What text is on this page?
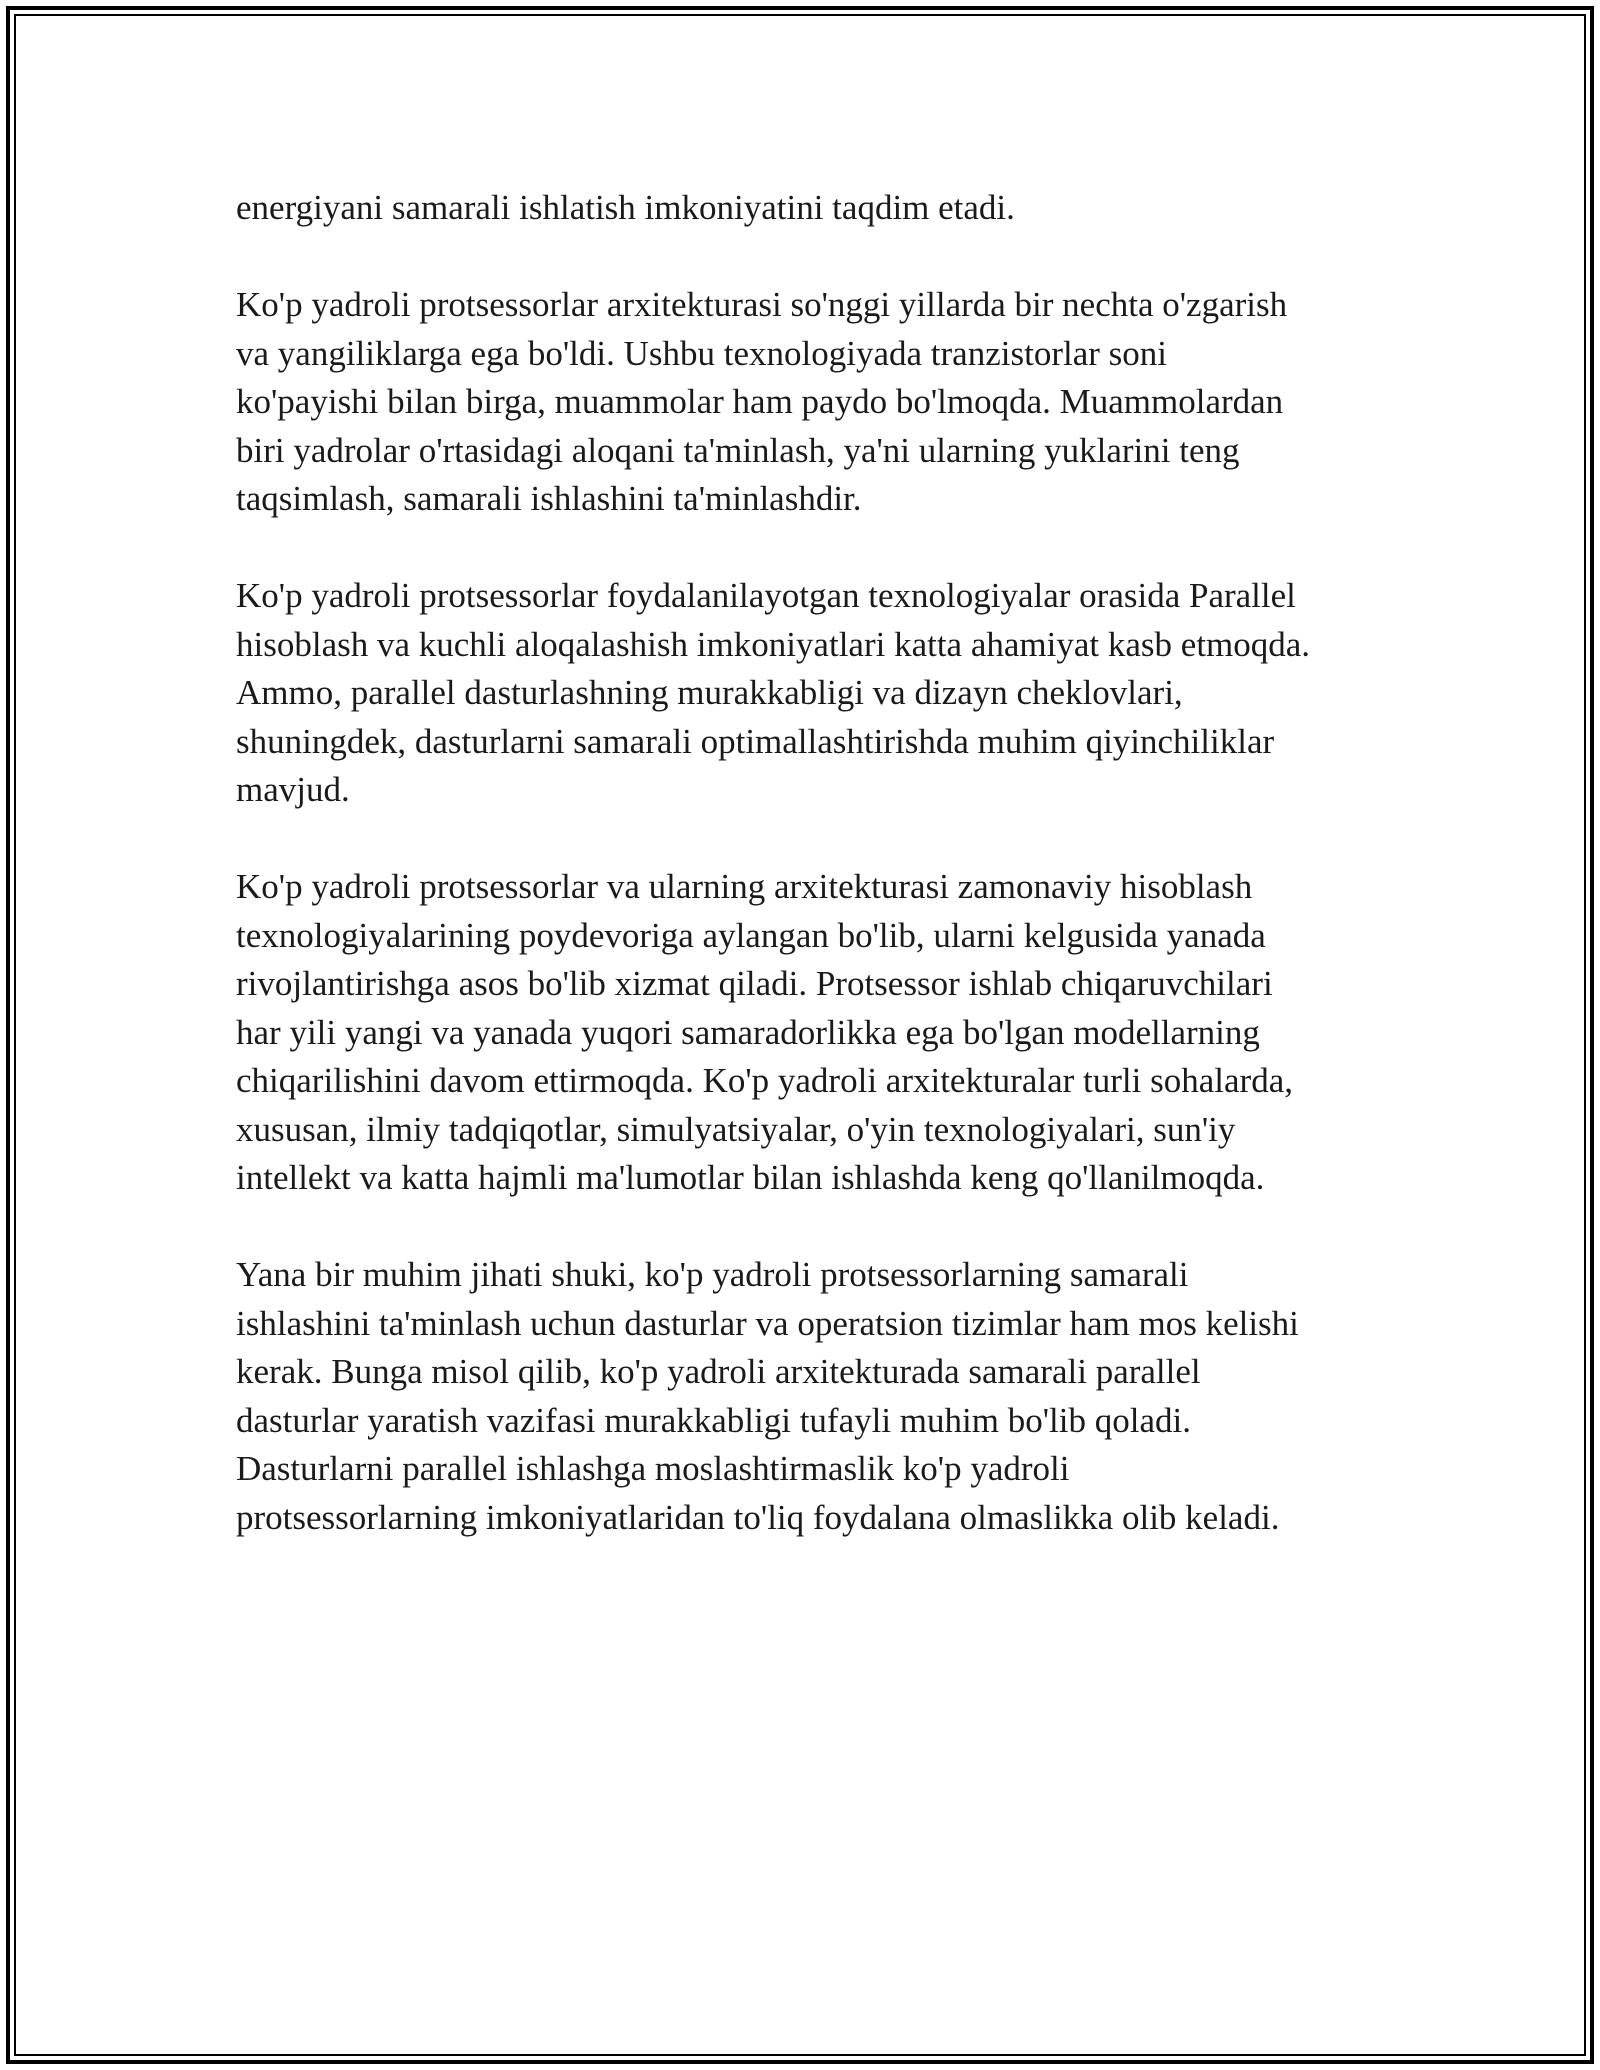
energiyani samarali ishlatish imkoniyatini taqdim etadi.

Ko'p yadroli protsessorlar arxitekturasi so'nggi yillarda bir nechta o'zgarish
va yangiliklarga ega bo'ldi. Ushbu texnologiyada tranzistorlar soni
ko'payishi bilan birga, muammolar ham paydo bo'lmoqda. Muammolardan
biri yadrolar o'rtasidagi aloqani ta'minlash, ya'ni ularning yuklarini teng
taqsimlash, samarali ishlashini ta'minlashdir.

Ko'p yadroli protsessorlar foydalanilayotgan texnologiyalar orasida Parallel
hisoblash va kuchli aloqalashish imkoniyatlari katta ahamiyat kasb etmoqda.
Ammo, parallel dasturlashning murakkabligi va dizayn cheklovlari,
shuningdek, dasturlarni samarali optimallashtirishda muhim qiyinchiliklar
mavjud.

Ko'p yadroli protsessorlar va ularning arxitekturasi zamonaviy hisoblash
texnologiyalarining poydevoriga aylangan bo'lib, ularni kelgusida yanada
rivojlantirishga asos bo'lib xizmat qiladi. Protsessor ishlab chiqaruvchilari
har yili yangi va yanada yuqori samaradorlikka ega bo'lgan modellarning
chiqarilishini davom ettirmoqda. Ko'p yadroli arxitekturalar turli sohalarda,
xususan, ilmiy tadqiqotlar, simulyatsiyalar, o'yin texnologiyalari, sun'iy
intellekt va katta hajmli ma'lumotlar bilan ishlashda keng qo'llanilmoqda.

Yana bir muhim jihati shuki, ko'p yadroli protsessorlarning samarali
ishlashini ta'minlash uchun dasturlar va operatsion tizimlar ham mos kelishi
kerak. Bunga misol qilib, ko'p yadroli arxitekturada samarali parallel
dasturlar yaratish vazifasi murakkabligi tufayli muhim bo'lib qoladi.
Dasturlarni parallel ishlashga moslashtirmaslik ko'p yadroli
protsessorlarning imkoniyatlaridan to'liq foydalana olmaslikka olib keladi.
